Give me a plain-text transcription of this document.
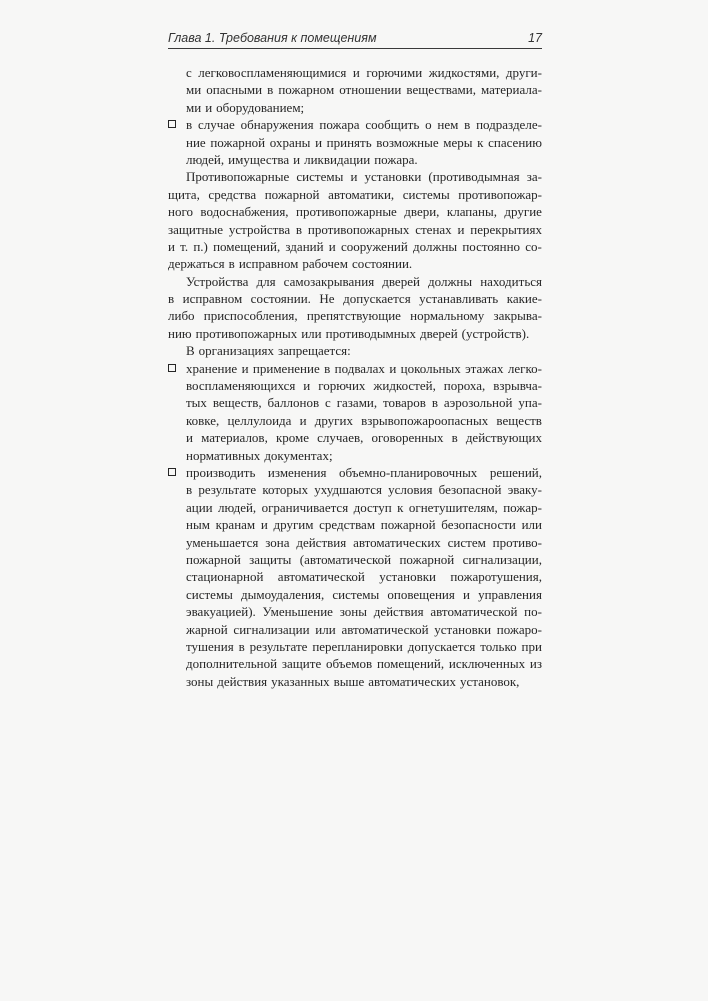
Глава 1. Требования к помещениям	17
с легковоспламеняющимися и горючими жидкостями, други-
ми опасными в пожарном отношении веществами, материала-
ми и оборудованием;
в случае обнаружения пожара сообщить о нем в подразделе-
ние пожарной охраны и принять возможные меры к спасению
людей, имущества и ликвидации пожара.
Противопожарные системы и установки (противодымная за-
щита, средства пожарной автоматики, системы противопожар-
ного водоснабжения, противопожарные двери, клапаны, другие
защитные устройства в противопожарных стенах и перекрытиях
и т. п.) помещений, зданий и сооружений должны постоянно со-
держаться в исправном рабочем состоянии.
Устройства для самозакрывания дверей должны находиться
в исправном состоянии. Не допускается устанавливать какие-
либо приспособления, препятствующие нормальному закрыва-
нию противопожарных или противодымных дверей (устройств).
В организациях запрещается:
хранение и применение в подвалах и цокольных этажах легко-
воспламеняющихся и горючих жидкостей, пороха, взрывча-
тых веществ, баллонов с газами, товаров в аэрозольной упа-
ковке, целлулоида и других взрывопожароопасных веществ
и материалов, кроме случаев, оговоренных в действующих
нормативных документах;
производить изменения объемно-планировочных решений,
в результате которых ухудшаются условия безопасной эваку-
ации людей, ограничивается доступ к огнетушителям, пожар-
ным кранам и другим средствам пожарной безопасности или
уменьшается зона действия автоматических систем противо-
пожарной защиты (автоматической пожарной сигнализации,
стационарной автоматической установки пожаротушения,
системы дымоудаления, системы оповещения и управления
эвакуацией). Уменьшение зоны действия автоматической по-
жарной сигнализации или автоматической установки пожаро-
тушения в результате перепланировки допускается только при
дополнительной защите объемов помещений, исключенных из
зоны действия указанных выше автоматических установок,
